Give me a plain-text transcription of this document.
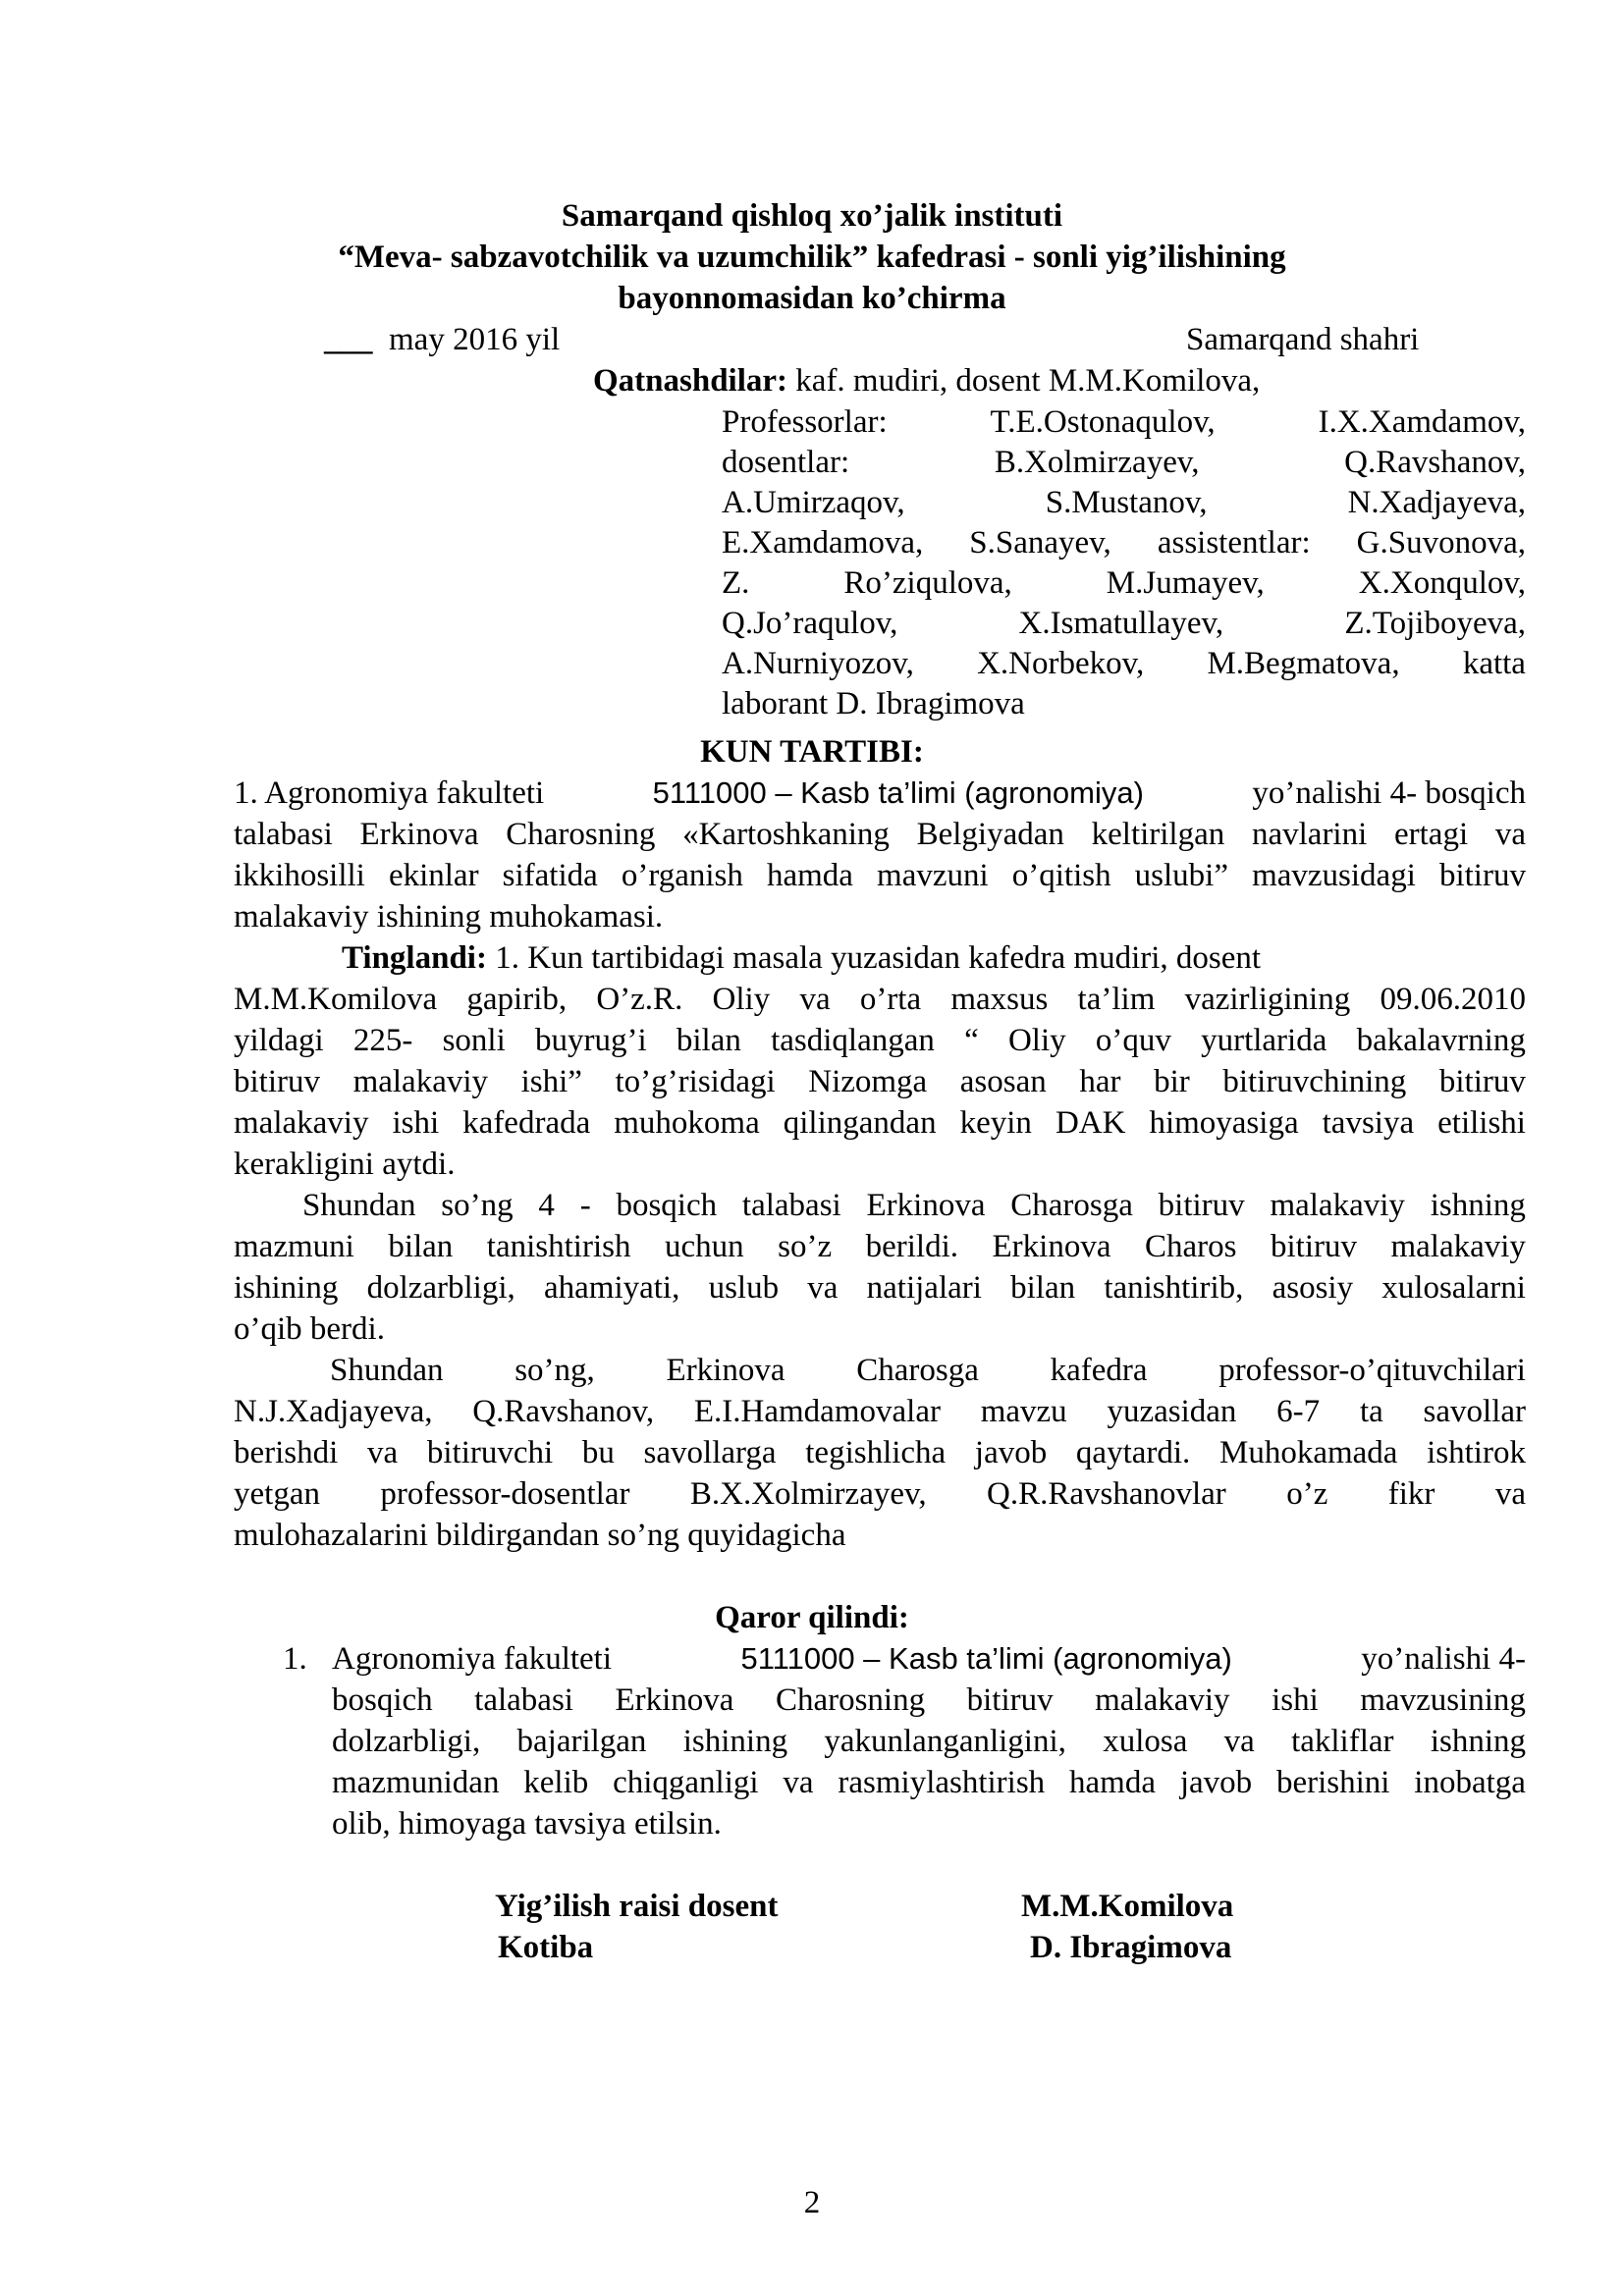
Samarqand qishloq xo’jalik instituti
“Meva- sabzavotchilik va uzumchilik” kafedrasi - sonli yig’ilishining
bayonnomasidan ko’chirma
___ may 2016 yil	Samarqand shahri
Qatnashdilar: kaf. mudiri, dosent M.M.Komilova,
Professorlar:	T.E.Ostonaqulov,	I.X.Xamdamov,
dosentlar:	B.Xolmirzayev,	Q.Ravshanov,
A.Umirzaqov,	S.Mustanov,	N.Xadjayeva,
E.Xamdamova, S.Sanayev, assistentlar: G.Suvonova,
Z.	Ro’ziqulova,	M.Jumayev,	X.Xonqulov,
Q.Jo’raqulov,	X.Ismatullayev,	Z.Tojiboyeva,
A.Nurniyozov, X.Norbekov, M.Begmatova, katta
laborant D. Ibragimova
KUN TARTIBI:
1. Agronomiya fakulteti	5111000 – Kasb ta’limi (agronomiya)	yo’nalishi 4- bosqich
talabasi Erkinova Charosning «Kartoshkaning Belgiyadan keltirilgan navlarini ertagi va
ikkihosilli ekinlar sifatida o’rganish hamda mavzuni o’qitish uslubi” mavzusidagi bitiruv
malakaviy ishining muhokamasi.
Tinglandi: 1. Kun tartibidagi masala yuzasidan kafedra mudiri, dosent
M.M.Komilova gapirib, O’z.R. Oliy va o’rta maxsus ta’lim vazirligining 09.06.2010
yildagi 225- sonli buyrug’i bilan tasdiqlangan “ Oliy o’quv yurtlarida bakalavrning
bitiruv malakaviy ishi” to’g’risidagi Nizomga asosan har bir bitiruvchining bitiruv
malakaviy ishi kafedrada muhokoma qilingandan keyin DAK himoyasiga tavsiya etilishi
kerakligini aytdi.
Shundan so’ng 4 - bosqich talabasi Erkinova Charosga bitiruv malakaviy ishning
mazmuni bilan tanishtirish uchun so’z berildi. Erkinova Charos bitiruv malakaviy
ishining dolzarbligi, ahamiyati, uslub va natijalari bilan tanishtirib, asosiy xulosalarni
o’qib berdi.
Shundan so’ng, Erkinova Charosga kafedra professor-o’qituvchilari
N.J.Xadjayeva, Q.Ravshanov, E.I.Hamdamovalar mavzu yuzasidan 6-7 ta savollar
berishdi va bitiruvchi bu savollarga tegishlicha javob qaytardi. Muhokamada ishtirok
yetgan professor-dosentlar B.X.Xolmirzayev, Q.R.Ravshanovlar o’z fikr va
mulohazalarini bildirgandan so’ng quyidagicha
Qaror qilindi:
1. Agronomiya fakulteti	5111000 – Kasb ta’limi (agronomiya)	yo’nalishi 4-
bosqich talabasi Erkinova Charosning bitiruv malakaviy ishi mavzusining
dolzarbligi, bajarilgan ishining yakunlanganligini, xulosa va takliflar ishning
mazmunidan kelib chiqganligi va rasmiylashtirish hamda javob berishini inobatga
olib, himoyaga tavsiya etilsin.
Yig’ilish raisi dosent	M.M.Komilova
Kotiba	D. Ibragimova
2
